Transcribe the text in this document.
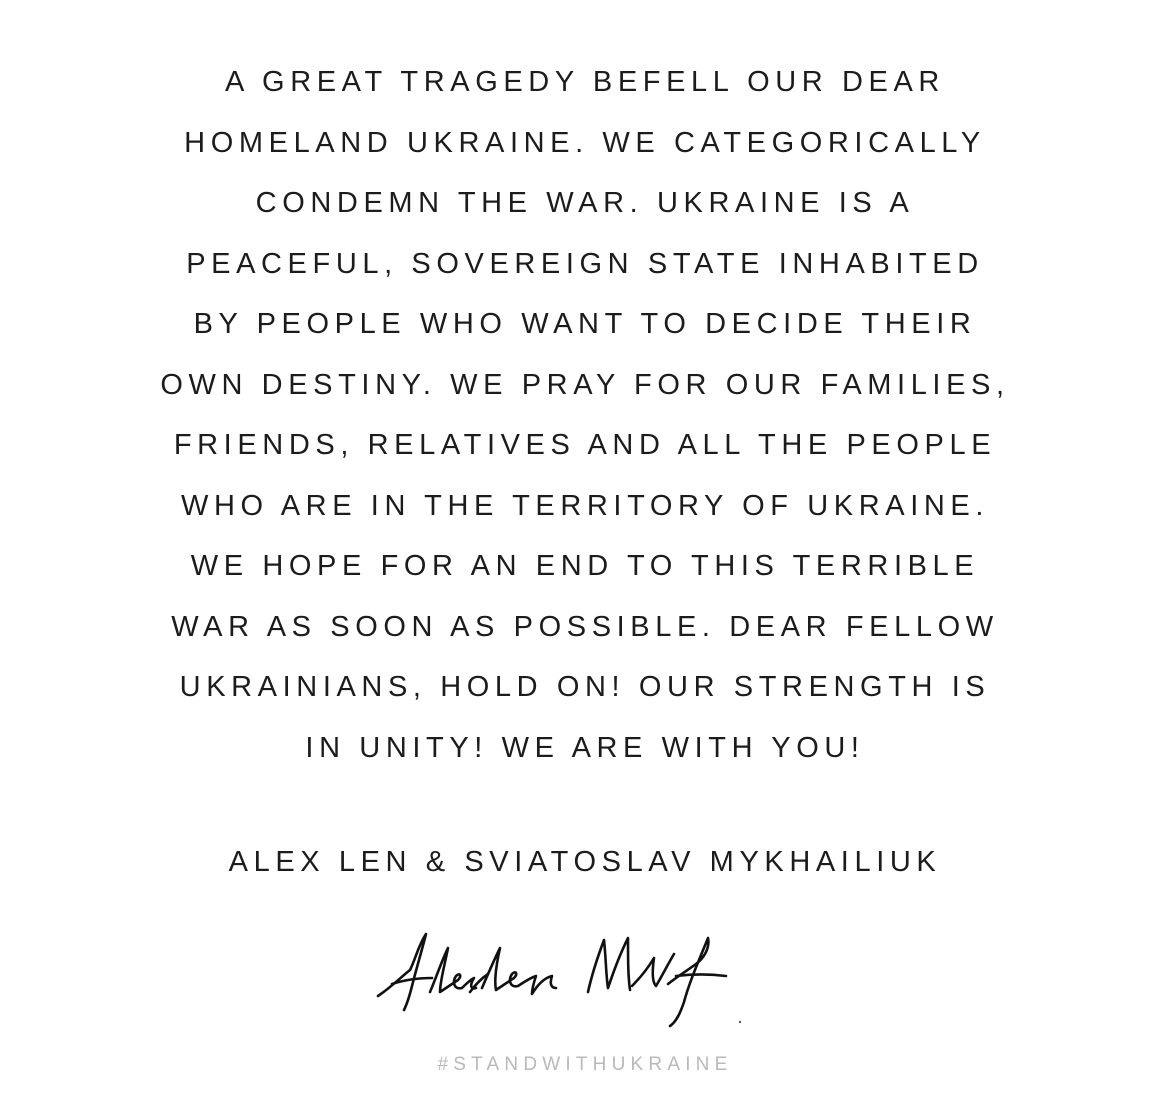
A GREAT TRAGEDY BEFELL OUR DEAR
HOMELAND UKRAINE. WE CATEGORICALLY
CONDEMN THE WAR. UKRAINE IS A
PEACEFUL, SOVEREIGN STATE INHABITED
BY PEOPLE WHO WANT TO DECIDE THEIR
OWN DESTINY. WE PRAY FOR OUR FAMILIES,
FRIENDS, RELATIVES AND ALL THE PEOPLE
WHO ARE IN THE TERRITORY OF UKRAINE.
WE HOPE FOR AN END TO THIS TERRIBLE
WAR AS SOON AS POSSIBLE. DEAR FELLOW
UKRAINIANS, HOLD ON! OUR STRENGTH IS
IN UNITY! WE ARE WITH YOU!
ALEX LEN & SVIATOSLAV MYKHAILIUK
#STANDWITHUKRAINE
